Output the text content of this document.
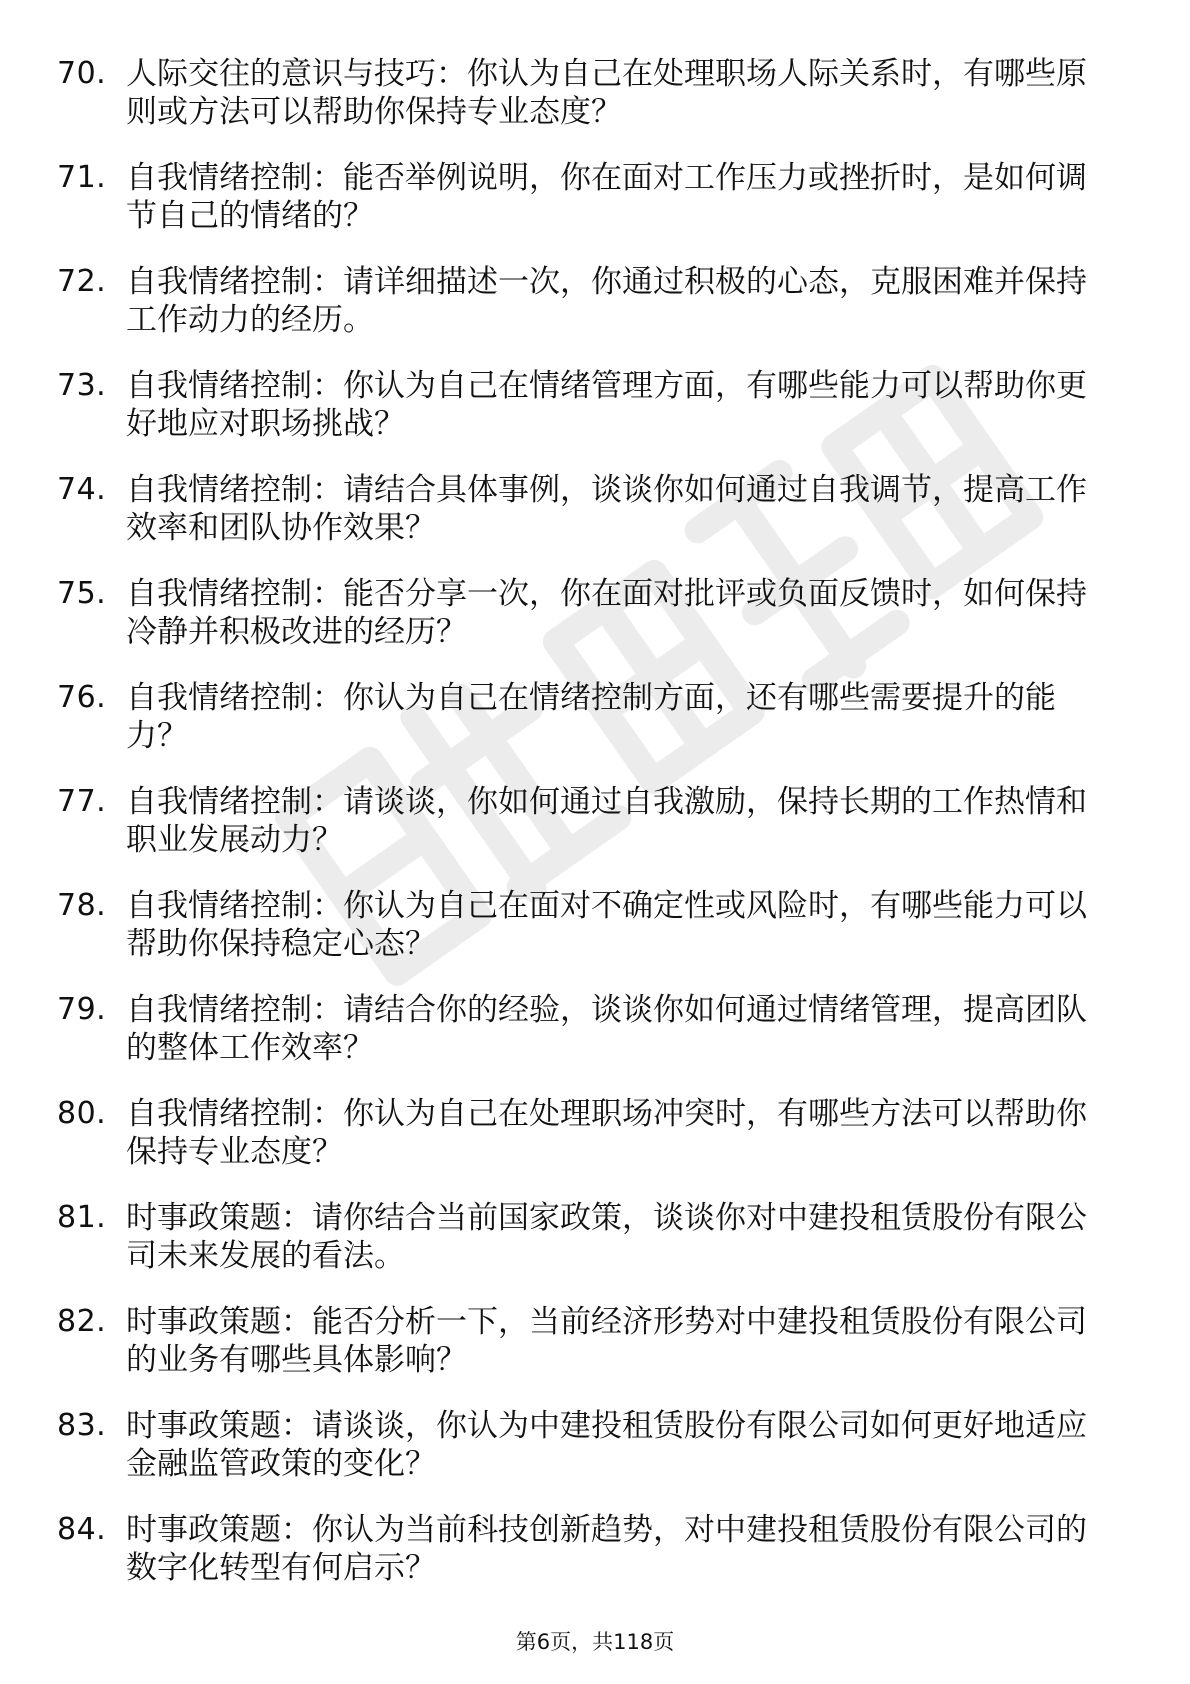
70. 人际交往的意识与技巧：你认为自己在处理职场人际关系时，有哪些原则或方法可以帮助你保持专业态度？
71. 自我情绪控制：能否举例说明，你在面对工作压力或挫折时，是如何调节自己的情绪的？
72. 自我情绪控制：请详细描述一次，你通过积极的心态，克服困难并保持工作动力的经历。
73. 自我情绪控制：你认为自己在情绪管理方面，有哪些能力可以帮助你更好地应对职场挑战？
74. 自我情绪控制：请结合具体事例，谈谈你如何通过自我调节，提高工作效率和团队协作效果？
75. 自我情绪控制：能否分享一次，你在面对批评或负面反馈时，如何保持冷静并积极改进的经历？
76. 自我情绪控制：你认为自己在情绪控制方面，还有哪些需要提升的能力？
77. 自我情绪控制：请谈谈，你如何通过自我激励，保持长期的工作热情和职业发展动力？
78. 自我情绪控制：你认为自己在面对不确定性或风险时，有哪些能力可以帮助你保持稳定心态？
79. 自我情绪控制：请结合你的经验，谈谈你如何通过情绪管理，提高团队的整体工作效率？
80. 自我情绪控制：你认为自己在处理职场冲突时，有哪些方法可以帮助你保持专业态度？
81. 时事政策题：请你结合当前国家政策，谈谈你对中建投租赁股份有限公司未来发展的看法。
82. 时事政策题：能否分析一下，当前经济形势对中建投租赁股份有限公司的业务有哪些具体影响？
83. 时事政策题：请谈谈，你认为中建投租赁股份有限公司如何更好地适应金融监管政策的变化？
84. 时事政策题：你认为当前科技创新趋势，对中建投租赁股份有限公司的数字化转型有何启示？
第6页，共118页
